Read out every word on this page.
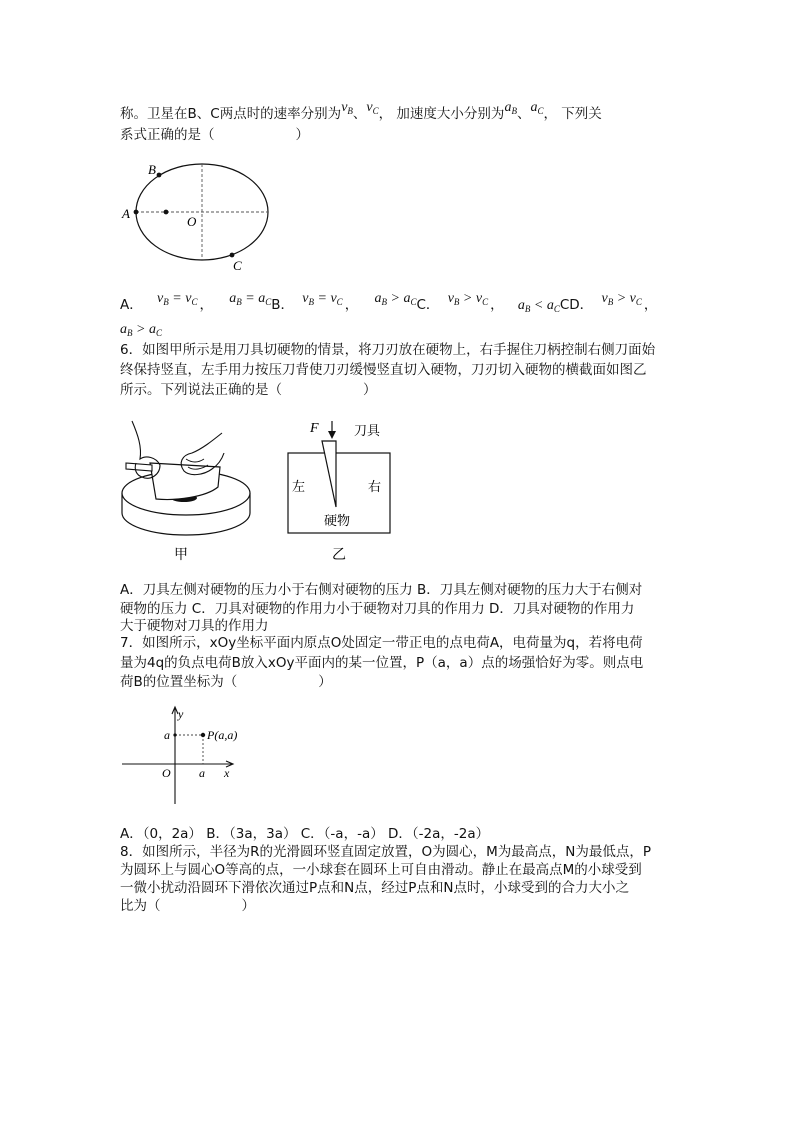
称。卫星在B、C两点时的速率分别为$v_B$、$v_C$， 加速度大小分别为$a_B$、$a_C$， 下列关
系式正确的是（　　　　　　）
B
A
O
C
A． $v_B = v_C$ ， $a_B = a_CB$． $v_B = v_C$ ， $a_B > a_CC$． $v_B > v_C$ ， $a_B < a_CCD$． $v_B > v_C$ ，
$a_B > a_C$
6．如图甲所示是用刀具切硬物的情景，将刀刃放在硬物上，右手握住刀柄控制右侧刀面始
终保持竖直，左手用力按压刀背使刀刃缓慢竖直切入硬物，刀刃切入硬物的横截面如图乙
所示。下列说法正确的是（　　　　　　）
甲
F	刀具
左	右
硬物
乙
A．刀具左侧对硬物的压力小于右侧对硬物的压力 B．刀具左侧对硬物的压力大于右侧对
硬物的压力 C．刀具对硬物的作用力小于硬物对刀具的作用力 D．刀具对硬物的作用力
大于硬物对刀具的作用力
7．如图所示，xOy坐标平面内原点O处固定一带正电的点电荷A，电荷量为q，若将电荷
量为4q的负点电荷B放入xOy平面内的某一位置，P（a，a）点的场强恰好为零。则点电
荷B的位置坐标为（　　　　　　）
y
x
O
a
a
P(a,a)
A．（0，2a） B．（3a，3a） C．（-a，-a） D．（-2a，-2a）
8．如图所示，半径为R的光滑圆环竖直固定放置，O为圆心，M为最高点，N为最低点，P
为圆环上与圆心O等高的点，一小球套在圆环上可自由滑动。静止在最高点M的小球受到
一微小扰动沿圆环下滑依次通过P点和N点，经过P点和N点时，小球受到的合力大小之
比为（　　　　　　）
